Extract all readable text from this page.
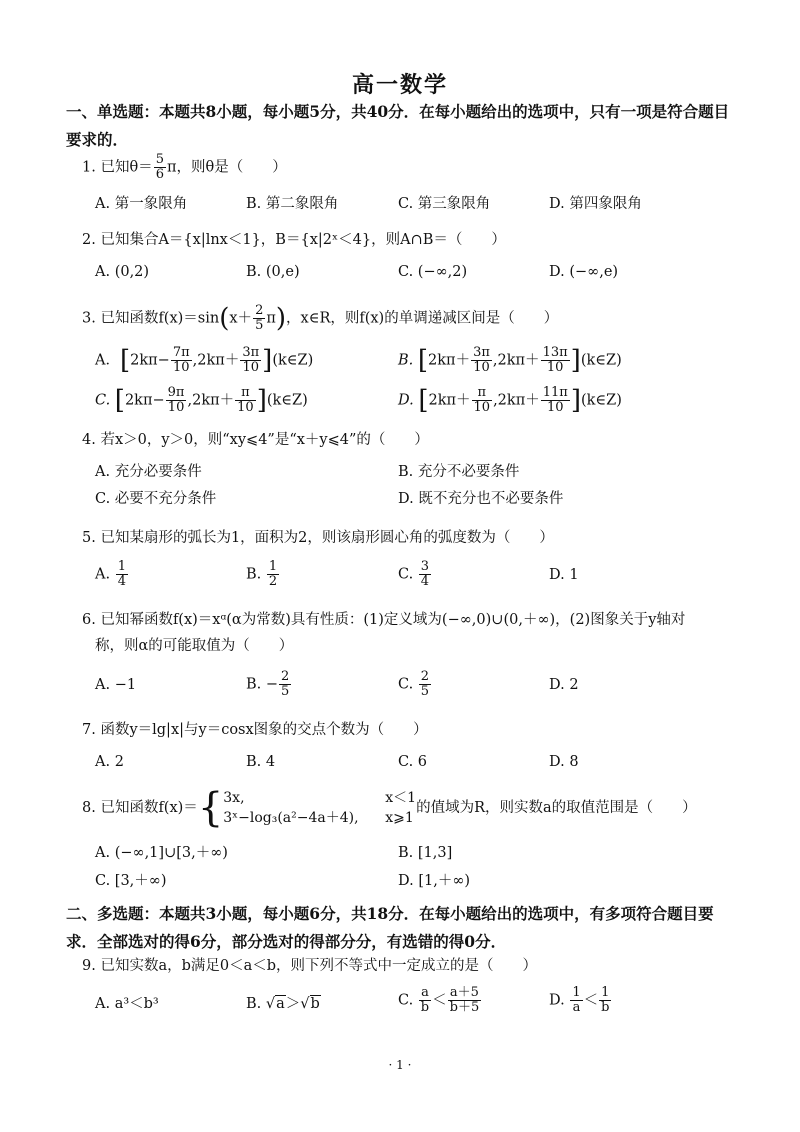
高一数学
一、单选题：本题共8小题，每小题5分，共40分．在每小题给出的选项中，只有一项是符合题目
要求的．
1. 已知$\theta= \frac{5}{6}$ π，则θ是（　　）
A. 第一象限角	B. 第二象限角	C. 第三象限角	D. 第四象限角
2. 已知集合A＝{x|lnx＜1}，B＝{x|2ˣ＜4}，则A∩B＝（　　）
A. (0,2)	B. (0,e)	C. (−∞,2)	D. (−∞,e)
3. 已知函数$f(x)=\sin(x+ \frac{2}{5} \pi)$，x∈R，则f(x)的单调递减区间是（　　）
A．[$2k\pi- \frac{7\pi}{10} ,2k\pi+ \frac{3\pi}{10}$ ](k∈Z)	B. [$2k\pi+ \frac{3\pi}{10} ,2k\pi+ \frac{13\pi}{10}$ ](k∈Z)
C. [$2k\pi- \frac{9\pi}{10} ,2k\pi+ \frac{\pi}{10}$ ](k∈Z)	D. [$2k\pi+ \frac{\pi}{10} ,2k\pi+ \frac{11\pi}{10}$ ](k∈Z)
4. 若x＞0，y＞0，则“xy⩽4”是“x＋y⩽4”的（　　）
A. 充分必要条件	B. 充分不必要条件
C. 必要不充分条件	D. 既不充分也不必要条件
5. 已知某扇形的弧长为1，面积为2，则该扇形圆心角的弧度数为（　　）
A. $\frac{1}{4}$	B. $\frac{1}{2}$	C. $\frac{3}{4}$	D. 1
6. 已知幂函数f(x)＝xᵅ(α为常数)具有性质：(1)定义域为(−∞,0)∪(0,＋∞)，(2)图象关于y轴对
称，则α的可能取值为（　　）
A. −1	B. − $\frac{2}{5}$	C. $\frac{2}{5}$	D. 2
7. 函数y＝lg|x|与y＝cosx图象的交点个数为（　　）
A. 2	B. 4	C. 6	D. 8
8. 已知函数f(x)＝{3x,	x＜1
3ˣ−log₃(a²−4a＋4), x⩾1的值域为R，则实数a的取值范围是（　　）
A. (−∞,1]∪[3,＋∞)	B. [1,3]
C. [3,＋∞)	D. [1,＋∞)
二、多选题：本题共3小题，每小题6分，共18分．在每小题给出的选项中，有多项符合题目要
求．全部选对的得6分，部分选对的得部分分，有选错的得0分．
9. 已知实数a，b满足0＜a＜b，则下列不等式中一定成立的是（　　）
A. a³＜b³	B. √a＞√b	C. $\frac{a}{b} < \frac{a+5}{b+5}$	D. $\frac{1}{a} < \frac{1}{b}$
· 1 ·
